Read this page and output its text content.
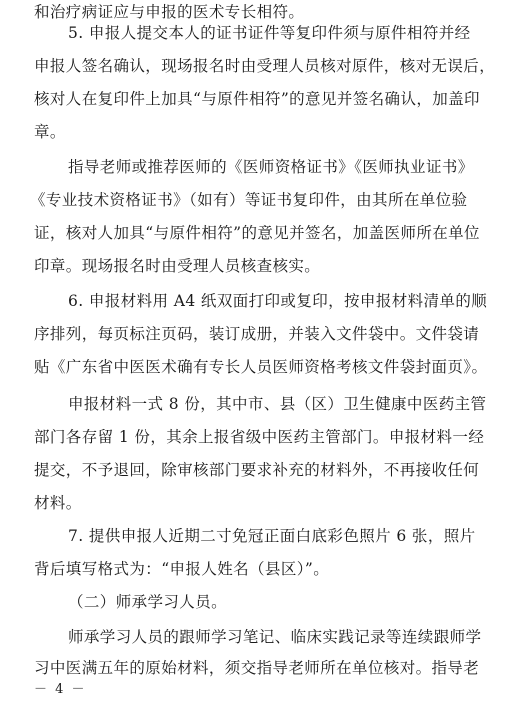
和治疗病证应与申报的医术专长相符。
5. 申报人提交本人的证书证件等复印件须与原件相符并经
申报人签名确认，现场报名时由受理人员核对原件，核对无误后，
核对人在复印件上加具“与原件相符”的意见并签名确认，加盖印
章。
指导老师或推荐医师的《医师资格证书》《医师执业证书》
《专业技术资格证书》（如有）等证书复印件，由其所在单位验
证，核对人加具“与原件相符”的意见并签名，加盖医师所在单位
印章。现场报名时由受理人员核查核实。
6. 申报材料用 A4 纸双面打印或复印，按申报材料清单的顺
序排列，每页标注页码，装订成册，并装入文件袋中。文件袋请
贴《广东省中医医术确有专长人员医师资格考核文件袋封面页》。
申报材料一式 8 份，其中市、县（区）卫生健康中医药主管
部门各存留 1 份，其余上报省级中医药主管部门。申报材料一经
提交，不予退回，除审核部门要求补充的材料外，不再接收任何
材料。
7. 提供申报人近期二寸免冠正面白底彩色照片 6 张，照片
背后填写格式为：“申报人姓名（县区）”。
（二）师承学习人员。
师承学习人员的跟师学习笔记、临床实践记录等连续跟师学
习中医满五年的原始材料，须交指导老师所在单位核对。指导老
－ 4 －
